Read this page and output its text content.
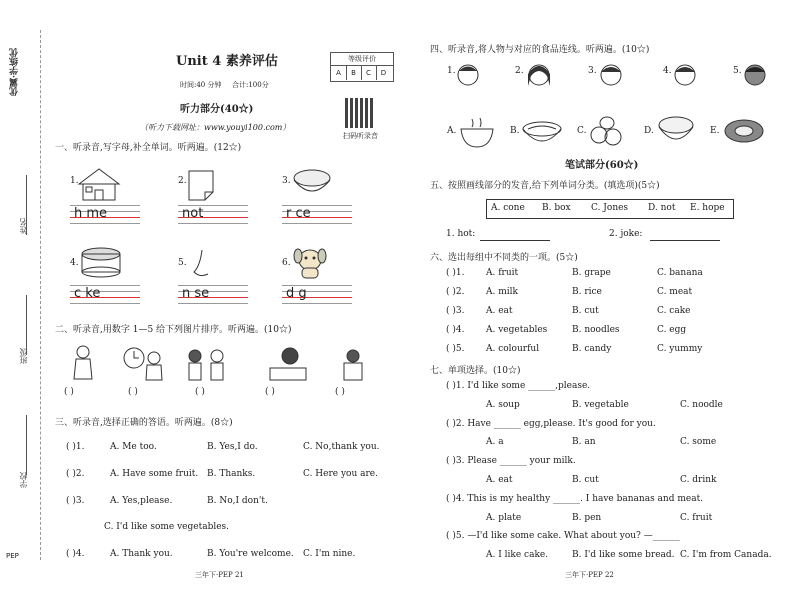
优翼·学练优
姓名
班级
学校
PEP
Unit 4 素养评估
时间:40 分钟 合计:100分
等级评价
A	B	C	D
扫码听录音
听力部分(40☆)
（听力下载网址：www.youyi100.com）
一、听录音,写字母,补全单词。听两遍。(12☆)
1.	2.	3.
h me	not	r ce
4.	5.	6.
c ke	n se	d g
二、听录音,用数字 1—5 给下列图片排序。听两遍。(10☆)
( )	( )	( )	( )	( )
三、听录音,选择正确的答语。听两遍。(8☆)
( )1.	A. Me too.	B. Yes,I do.	C. No,thank you.
( )2.	A. Have some fruit. B. Thanks.	C. Here you are.
( )3.	A. Yes,please.	B. No,I don't.
C. I'd like some vegetables.
( )4.	A. Thank you.	B. You're welcome. C. I'm nine.
三年下·PEP 21
四、听录音,将人物与对应的食品连线。听两遍。(10☆)
1.	2.	3.	4.	5.
A.	B.	C.	D.	E.
笔试部分(60☆)
五、按照画线部分的发音,给下列单词分类。(填选项)(5☆)
A. cone B. box C. Jones D. not E. hope
1. hot:	2. joke:
六、选出每组中不同类的一项。(5☆)
( )1. A. fruit	B. grape	C. banana
( )2. A. milk	B. rice	C. meat
( )3. A. eat	B. cut	C. cake
( )4. A. vegetables	B. noodles	C. egg
( )5. A. colourful	B. candy	C. yummy
七、单项选择。(10☆)
( )1. I'd like some ______,please.
A. soup	B. vegetable	C. noodle
( )2. Have ______ egg,please. It's good for you.
A. a	B. an	C. some
( )3. Please ______ your milk.
A. eat	B. cut	C. drink
( )4. This is my healthy ______. I have bananas and meat.
A. plate	B. pen	C. fruit
( )5. —I'd like some cake. What about you? —______
A. I like cake.	B. I'd like some bread. C. I'm from Canada.
三年下·PEP 22
